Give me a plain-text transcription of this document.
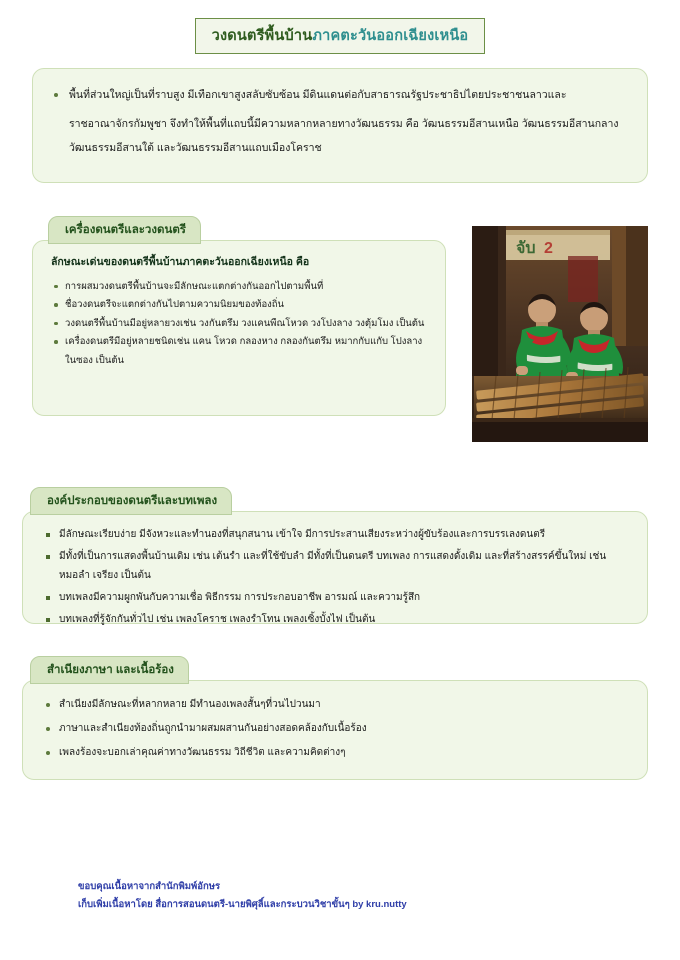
วงดนตรีพื้นบ้านภาคตะวันออกเฉียงเหนือ
พื้นที่ส่วนใหญ่เป็นที่ราบสูง มีเทือกเขาสูงสลับซับซ้อน มีดินแดนต่อกับสาธารณรัฐประชาธิปไตยประชาชนลาวและ
ราชอาณาจักรกัมพูชา จึงทำให้พื้นที่แถบนี้มีความหลากหลายทางวัฒนธรรม คือ วัฒนธรรมอีสานเหนือ วัฒนธรรมอีสานกลาง
วัฒนธรรมอีสานใต้ และวัฒนธรรมอีสานแถบเมืองโคราช
เครื่องดนตรีและวงดนตรี

ลักษณะเด่นของดนตรีพื้นบ้านภาคตะวันออกเฉียงเหนือ คือ

การผสมวงดนตรีพื้นบ้านจะมีลักษณะแตกต่างกันออกไปตามพื้นที่
ชื่อวงดนตรีจะแตกต่างกันไปตามความนิยมของท้องถิ่น
วงดนตรีพื้นบ้านมีอยู่หลายวงเช่น วงกันตรึม วงแคนพืณโหวด วงโปงลาง วงตุ้มโมง เป็นต้น
เครื่องดนตรีมีอยู่หลายชนิดเช่น แคน โหวด กลองหาง กลองกันตรึม หมากกับแกับ โปงลาง
ในซอง เป็นต้น
จับ 2
องค์ประกอบของดนตรีและบทเพลง
มีลักษณะเรียบง่าย มีจังหวะและทำนองที่สนุกสนาน เข้าใจ มีการประสานเสียงระหว่างผู้ขับร้องและการบรรเลงดนตรี
มีทั้งที่เป็นการแสดงพื้นบ้านเดิม เช่น เต้นรำ และที่ใช้ขับลำ มีทั้งที่เป็นดนตรี บทเพลง การแสดงดั้งเดิม และที่สร้างสรรค์ขึ้นใหม่ เช่น หมอลำ เจรียง เป็นต้น
บทเพลงมีความผูกพันกับความเชื่อ พิธีกรรม การประกอบอาชีพ อารมณ์ และความรู้สึก
บทเพลงที่รู้จักกันทั่วไป เช่น เพลงโคราช เพลงรำโทน เพลงเซิ้งบั้งไฟ เป็นต้น
สำเนียงภาษา และเนื้อร้อง
สำเนียงมีลักษณะที่หลากหลาย มีทำนองเพลงสั้นๆที่วนไปวนมา
ภาษาและสำเนียงท้องถิ่นถูกนำมาผสมผสานกันอย่างสอดคล้องกับเนื้อร้อง
เพลงร้องจะบอกเล่าคุณค่าทางวัฒนธรรม วิถีชีวิต และความคิดต่างๆ
ขอบคุณเนื้อหาจากสำนักพิมพ์อักษร
เก็บเพิ่มเนื้อหาโดย สื่อการสอนดนตรี-นายพิศุลิ์และกระบวนวิชาขั้นๆ by kru.nutty
